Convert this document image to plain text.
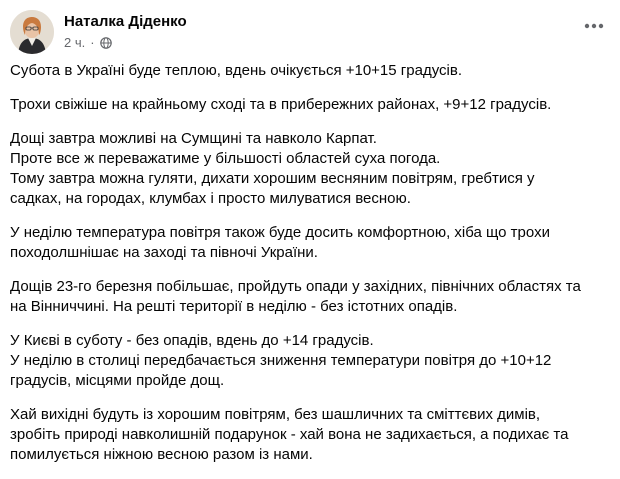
Наталка Діденко
2 ч. ·

Субота в Україні буде теплою, вдень очікується +10+15 градусів.

Трохи свіжіше на крайньому сході та в прибережних районах, +9+12 градусів.

Дощі завтра можливі на Сумщині та навколо Карпат.
Проте все ж переважатиме у більшості областей суха погода.
Тому завтра можна гуляти, дихати хорошим весняним повітрям, гребтися у
садках, на городах, клумбах і просто милуватися весною.

У неділю температура повітря також буде досить комфортною, хіба що трохи
походолшнішає на заході та півночі України.

Дощів 23-го березня побільшає, пройдуть опади у західних, північних областях та
на Вінниччині. На решті території в неділю - без істотних опадів.

У Києві в суботу - без опадів, вдень до +14 градусів.
У неділю в столиці передбачається зниження температури повітря до +10+12
градусів, місцями пройде дощ.

Хай вихідні будуть із хорошим повітрям, без шашличних та сміттєвих димів,
зробіть природі навколишній подарунок - хай вона не задихається, а подихає та
помилується ніжною весною разом із нами.
